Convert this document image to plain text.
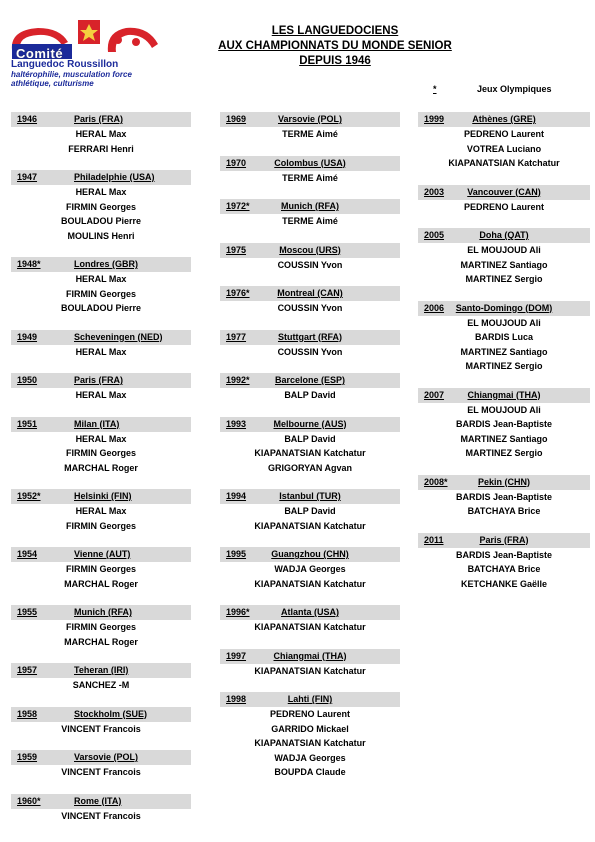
Comité
Languedoc Roussillon
haltérophilie, musculation force athlétique, culturisme
LES LANGUEDOCIENS
AUX CHAMPIONNATS DU MONDE SENIOR
DEPUIS 1946
*	Jeux Olympiques
1946	Paris (FRA)
HERAL Max
FERRARI Henri
1947	Philadelphie (USA)
HERAL Max
FIRMIN Georges
BOULADOU Pierre
MOULINS Henri
1948*	Londres (GBR)
HERAL Max
FIRMIN Georges
BOULADOU Pierre
1949	Scheveningen (NED)
HERAL Max
1950	Paris (FRA)
HERAL Max
1951	Milan (ITA)
HERAL Max
FIRMIN Georges
MARCHAL Roger
1952*	Helsinki (FIN)
HERAL Max
FIRMIN Georges
1954	Vienne (AUT)
FIRMIN Georges
MARCHAL Roger
1955	Munich (RFA)
FIRMIN Georges
MARCHAL Roger
1957	Teheran (IRI)
SANCHEZ -M
1958	Stockholm (SUE)
VINCENT Francois
1959	Varsovie (POL)
VINCENT Francois
1960*	Rome (ITA)
VINCENT Francois
1969	Varsovie (POL)
TERME Aimé
1970	Colombus (USA)
TERME Aimé
1972*	Munich (RFA)
TERME Aimé
1975	Moscou (URS)
COUSSIN Yvon
1976*	Montreal (CAN)
COUSSIN Yvon
1977	Stuttgart (RFA)
COUSSIN Yvon
1992*	Barcelone (ESP)
BALP David
1993	Melbourne (AUS)
BALP David
KIAPANATSIAN Katchatur
GRIGORYAN Agvan
1994	Istanbul (TUR)
BALP David
KIAPANATSIAN Katchatur
1995	Guangzhou (CHN)
WADJA Georges
KIAPANATSIAN Katchatur
1996*	Atlanta (USA)
KIAPANATSIAN Katchatur
1997	Chiangmai (THA)
KIAPANATSIAN Katchatur
1998	Lahti (FIN)
PEDRENO Laurent
GARRIDO Mickael
KIAPANATSIAN Katchatur
WADJA Georges
BOUPDA Claude
1999	Athènes (GRE)
PEDRENO Laurent
VOTREA Luciano
KIAPANATSIAN Katchatur
2003	Vancouver (CAN)
PEDRENO Laurent
2005	Doha (QAT)
EL MOUJOUD Ali
MARTINEZ Santiago
MARTINEZ Sergio
2006	Santo-Domingo (DOM)
EL MOUJOUD Ali
BARDIS Luca
MARTINEZ Santiago
MARTINEZ Sergio
2007	Chiangmai (THA)
EL MOUJOUD Ali
BARDIS Jean-Baptiste
MARTINEZ Santiago
MARTINEZ Sergio
2008*	Pekin (CHN)
BARDIS Jean-Baptiste
BATCHAYA Brice
2011	Paris (FRA)
BARDIS Jean-Baptiste
BATCHAYA Brice
KETCHANKE Gaëlle
